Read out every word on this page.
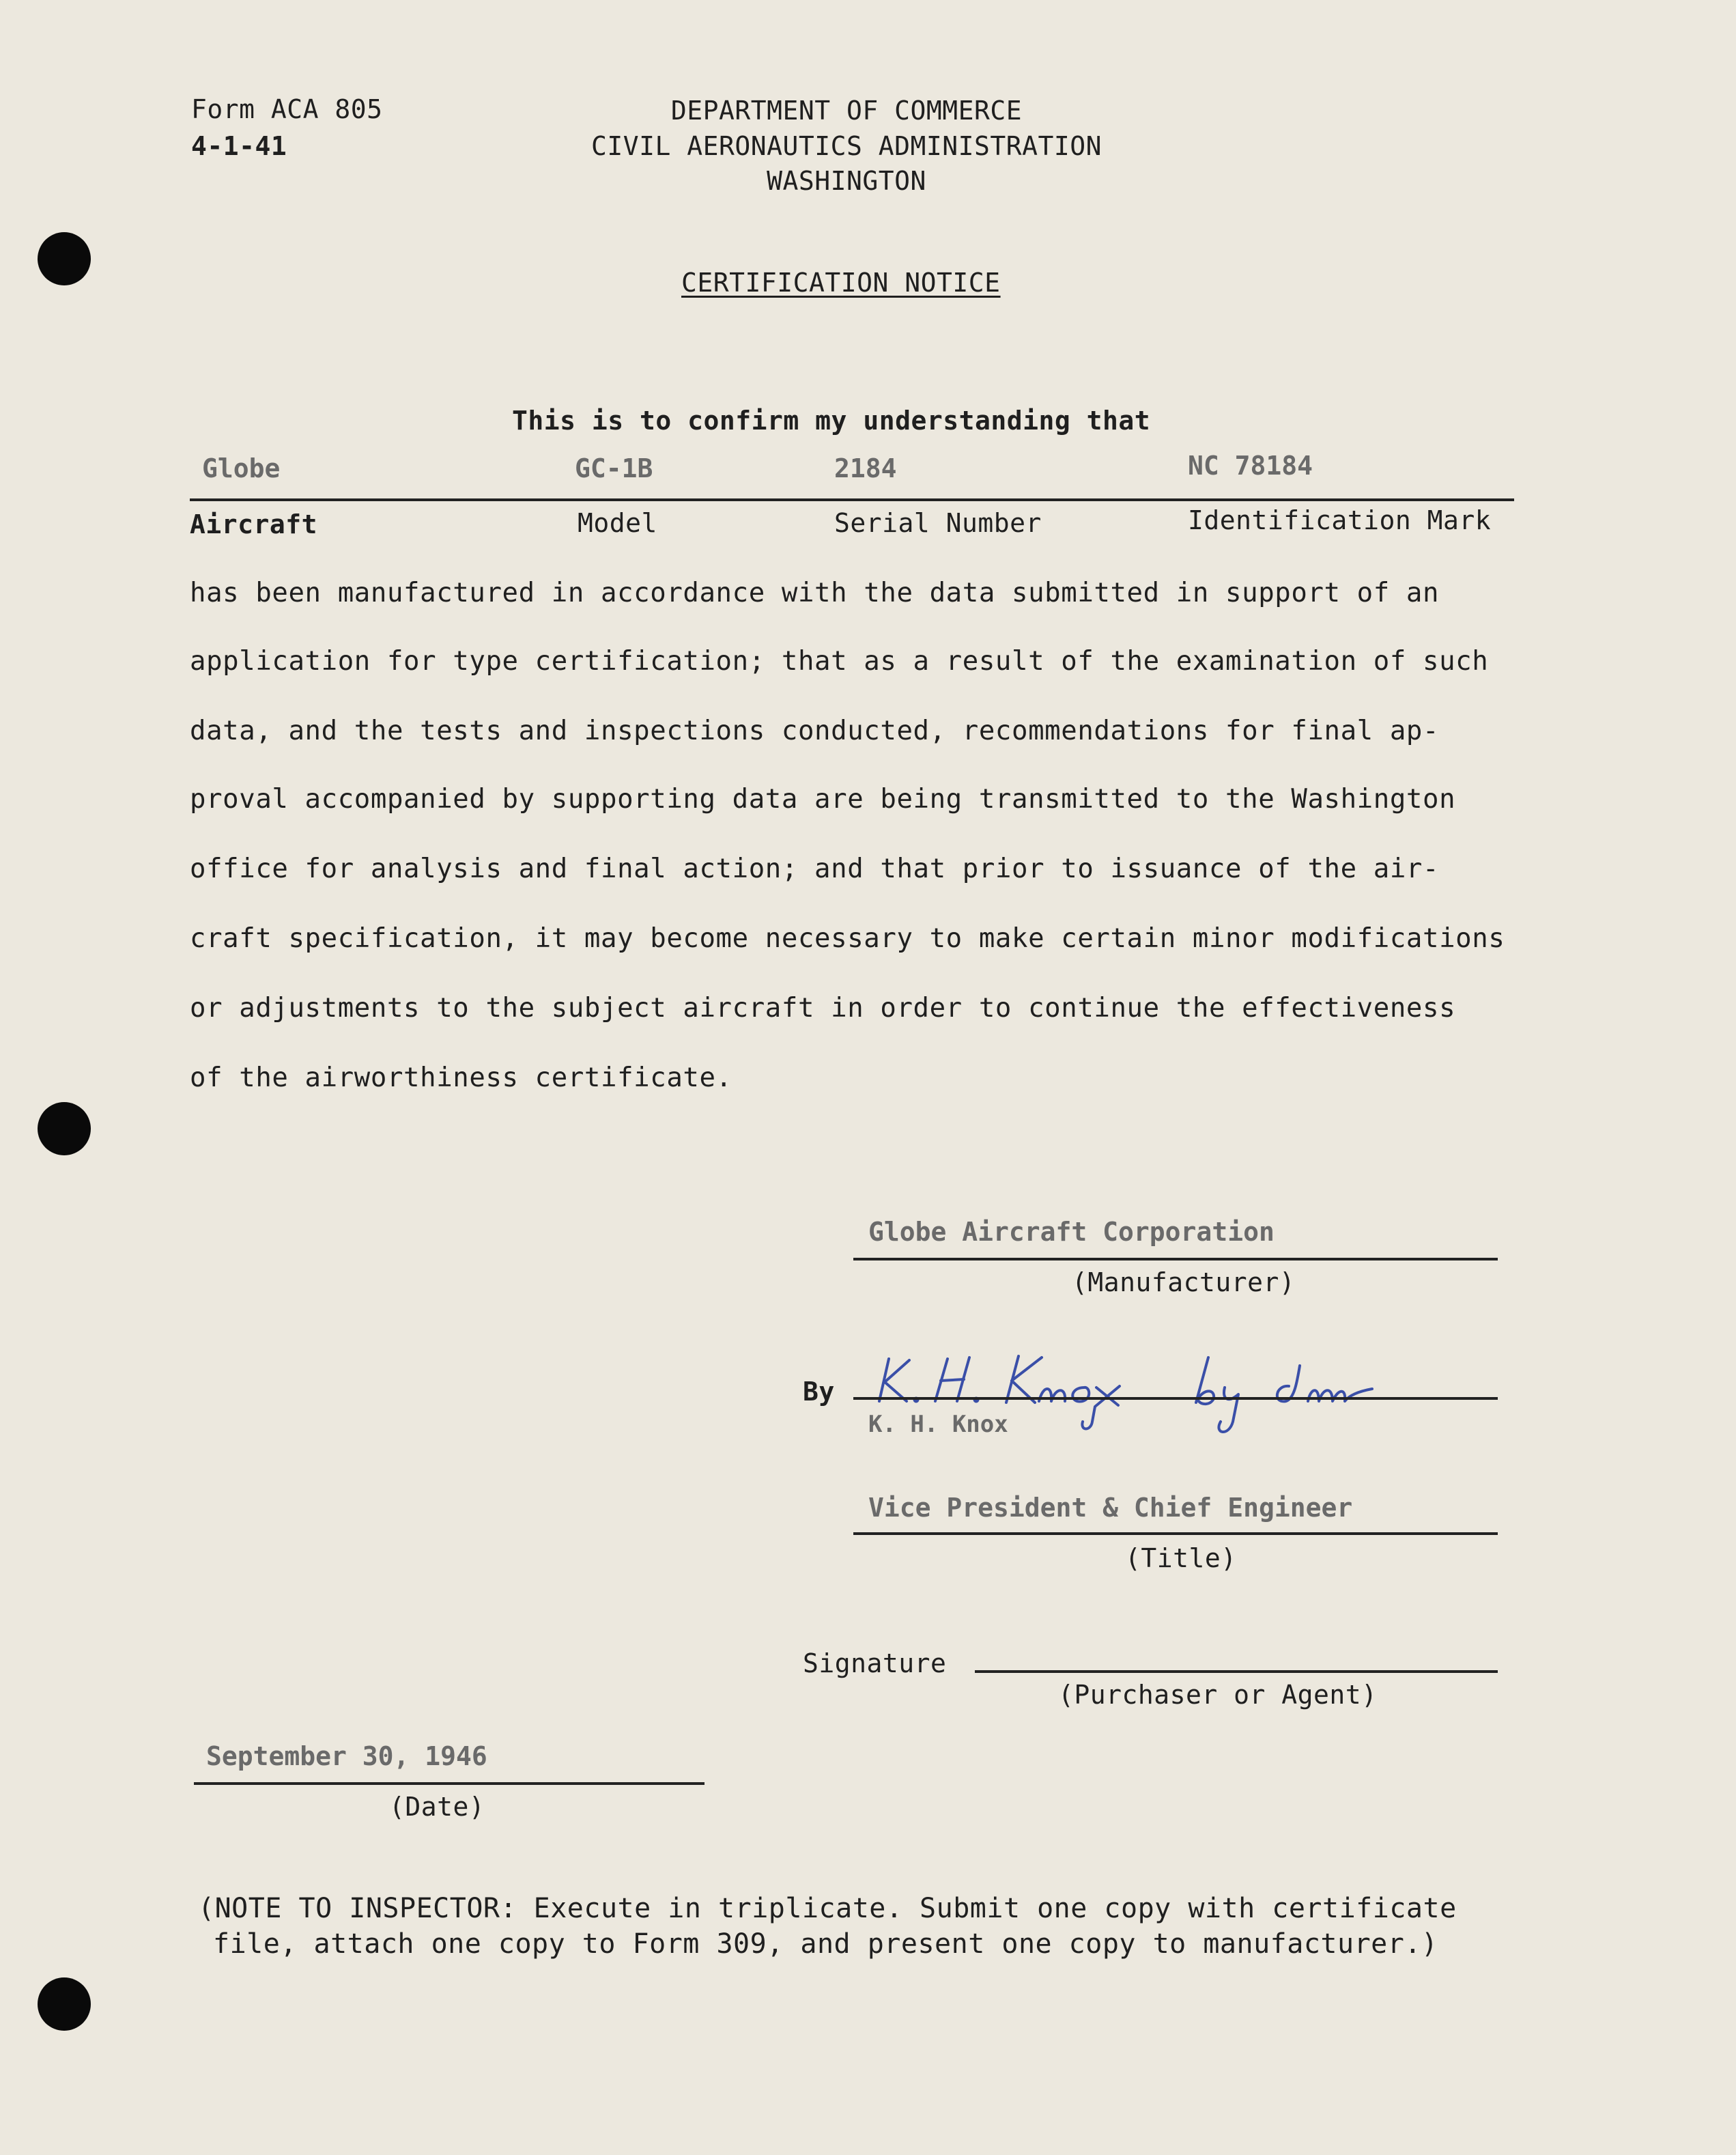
Form ACA 805
4-1-41
DEPARTMENT OF COMMERCE
CIVIL AERONAUTICS ADMINISTRATION
WASHINGTON
CERTIFICATION NOTICE
This is to confirm my understanding that
Globe	GC-1B	2184	NC 78184
Aircraft	Model	Serial Number	Identification Mark
has been manufactured in accordance with the data submitted in support of an
application for type certification; that as a result of the examination of such
data, and the tests and inspections conducted, recommendations for final ap-
proval accompanied by supporting data are being transmitted to the Washington
office for analysis and final action; and that prior to issuance of the air-
craft specification, it may become necessary to make certain minor modifications
or adjustments to the subject aircraft in order to continue the effectiveness
of the airworthiness certificate.
Globe Aircraft Corporation
(Manufacturer)
By
K. H. Knox
Vice President & Chief Engineer
(Title)
Signature
(Purchaser or Agent)
September 30, 1946
(Date)
(NOTE TO INSPECTOR: Execute in triplicate. Submit one copy with certificate
file, attach one copy to Form 309, and present one copy to manufacturer.)
